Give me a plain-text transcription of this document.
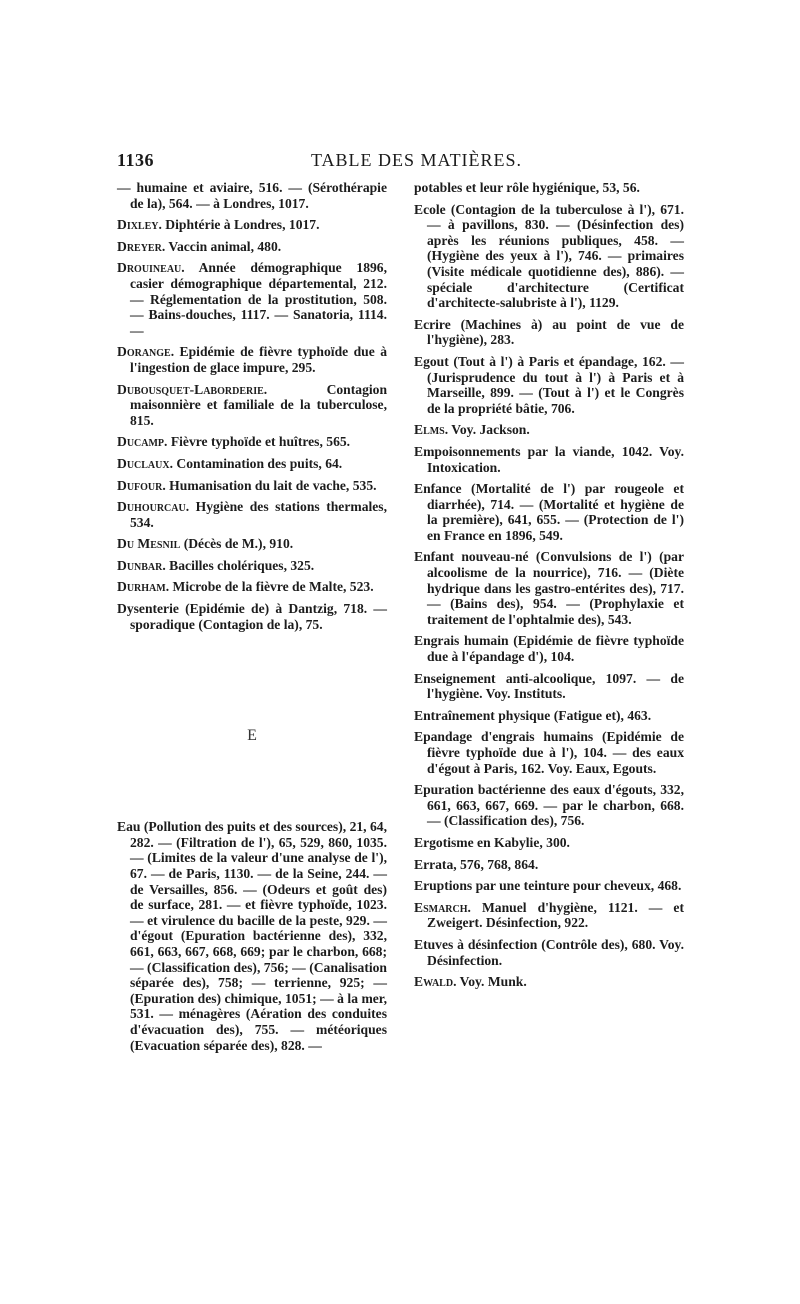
1136	TABLE DES MATIÈRES.

— humaine et aviaire, 516. — (Sérothérapie de la), 564. — à Londres, 1017.

Dixley. Diphtérie à Londres, 1017.

Dreyer. Vaccin animal, 480.

Drouineau. Année démographique 1896, casier démographique départemental, 212. — Réglementation de la prostitution, 508. — Bains-douches, 1117. — Sanatoria, 1114. —

Dorange. Epidémie de fièvre typhoïde due à l'ingestion de glace impure, 295.

Dubousquet-Laborderie. Contagion maisonnière et familiale de la tuberculose, 815.

Ducamp. Fièvre typhoïde et huîtres, 565.

Duclaux. Contamination des puits, 64.

Dufour. Humanisation du lait de vache, 535.

Duhourcau. Hygiène des stations thermales, 534.

Du Mesnil (Décès de M.), 910.

Dunbar. Bacilles cholériques, 325.

Durham. Microbe de la fièvre de Malte, 523.

Dysenterie (Epidémie de) à Dantzig, 718. — sporadique (Contagion de la), 75.

E

Eau (Pollution des puits et des sources), 21, 64, 282. — (Filtration de l'), 65, 529, 860, 1035. — (Limites de la valeur d'une analyse de l'), 67. — de Paris, 1130. — de la Seine, 244. — de Versailles, 856. — (Odeurs et goût des) de surface, 281. — et fièvre typhoïde, 1023. — et virulence du bacille de la peste, 929. — d'égout (Epuration bactérienne des), 332, 661, 663, 667, 668, 669; par le charbon, 668; — (Classification des), 756; — (Canalisation séparée des), 758; — terrienne, 925; — (Epuration des) chimique, 1051; — à la mer, 531. — ménagères (Aération des conduites d'évacuation des), 755. — météoriques (Evacuation séparée des), 828. —

potables et leur rôle hygiénique, 53, 56.

Ecole (Contagion de la tuberculose à l'), 671. — à pavillons, 830. — (Désinfection des) après les réunions publiques, 458. — (Hygiène des yeux à l'), 746. — primaires (Visite médicale quotidienne des), 886). — spéciale d'architecture (Certificat d'architecte-salubriste à l'), 1129.

Ecrire (Machines à) au point de vue de l'hygiène), 283.

Egout (Tout à l') à Paris et épandage, 162. — (Jurisprudence du tout à l') à Paris et à Marseille, 899. — (Tout à l') et le Congrès de la propriété bâtie, 706.

Elms. Voy. Jackson.

Empoisonnements par la viande, 1042. Voy. Intoxication.

Enfance (Mortalité de l') par rougeole et diarrhée), 714. — (Mortalité et hygiène de la première), 641, 655. — (Protection de l') en France en 1896, 549.

Enfant nouveau-né (Convulsions de l') (par alcoolisme de la nourrice), 716. — (Diète hydrique dans les gastro-entérites des), 717. — (Bains des), 954. — (Prophylaxie et traitement de l'ophtalmie des), 543.

Engrais humain (Epidémie de fièvre typhoïde due à l'épandage d'), 104.

Enseignement anti-alcoolique, 1097. — de l'hygiène. Voy. Instituts.

Entraînement physique (Fatigue et), 463.

Epandage d'engrais humains (Epidémie de fièvre typhoïde due à l'), 104. — des eaux d'égout à Paris, 162. Voy. Eaux, Egouts.

Epuration bactérienne des eaux d'égouts, 332, 661, 663, 667, 669. — par le charbon, 668. — (Classification des), 756.

Ergotisme en Kabylie, 300.

Errata, 576, 768, 864.

Eruptions par une teinture pour cheveux, 468.

Esmarch. Manuel d'hygiène, 1121. — et Zweigert. Désinfection, 922.

Etuves à désinfection (Contrôle des), 680. Voy. Désinfection.

Ewald. Voy. Munk.
